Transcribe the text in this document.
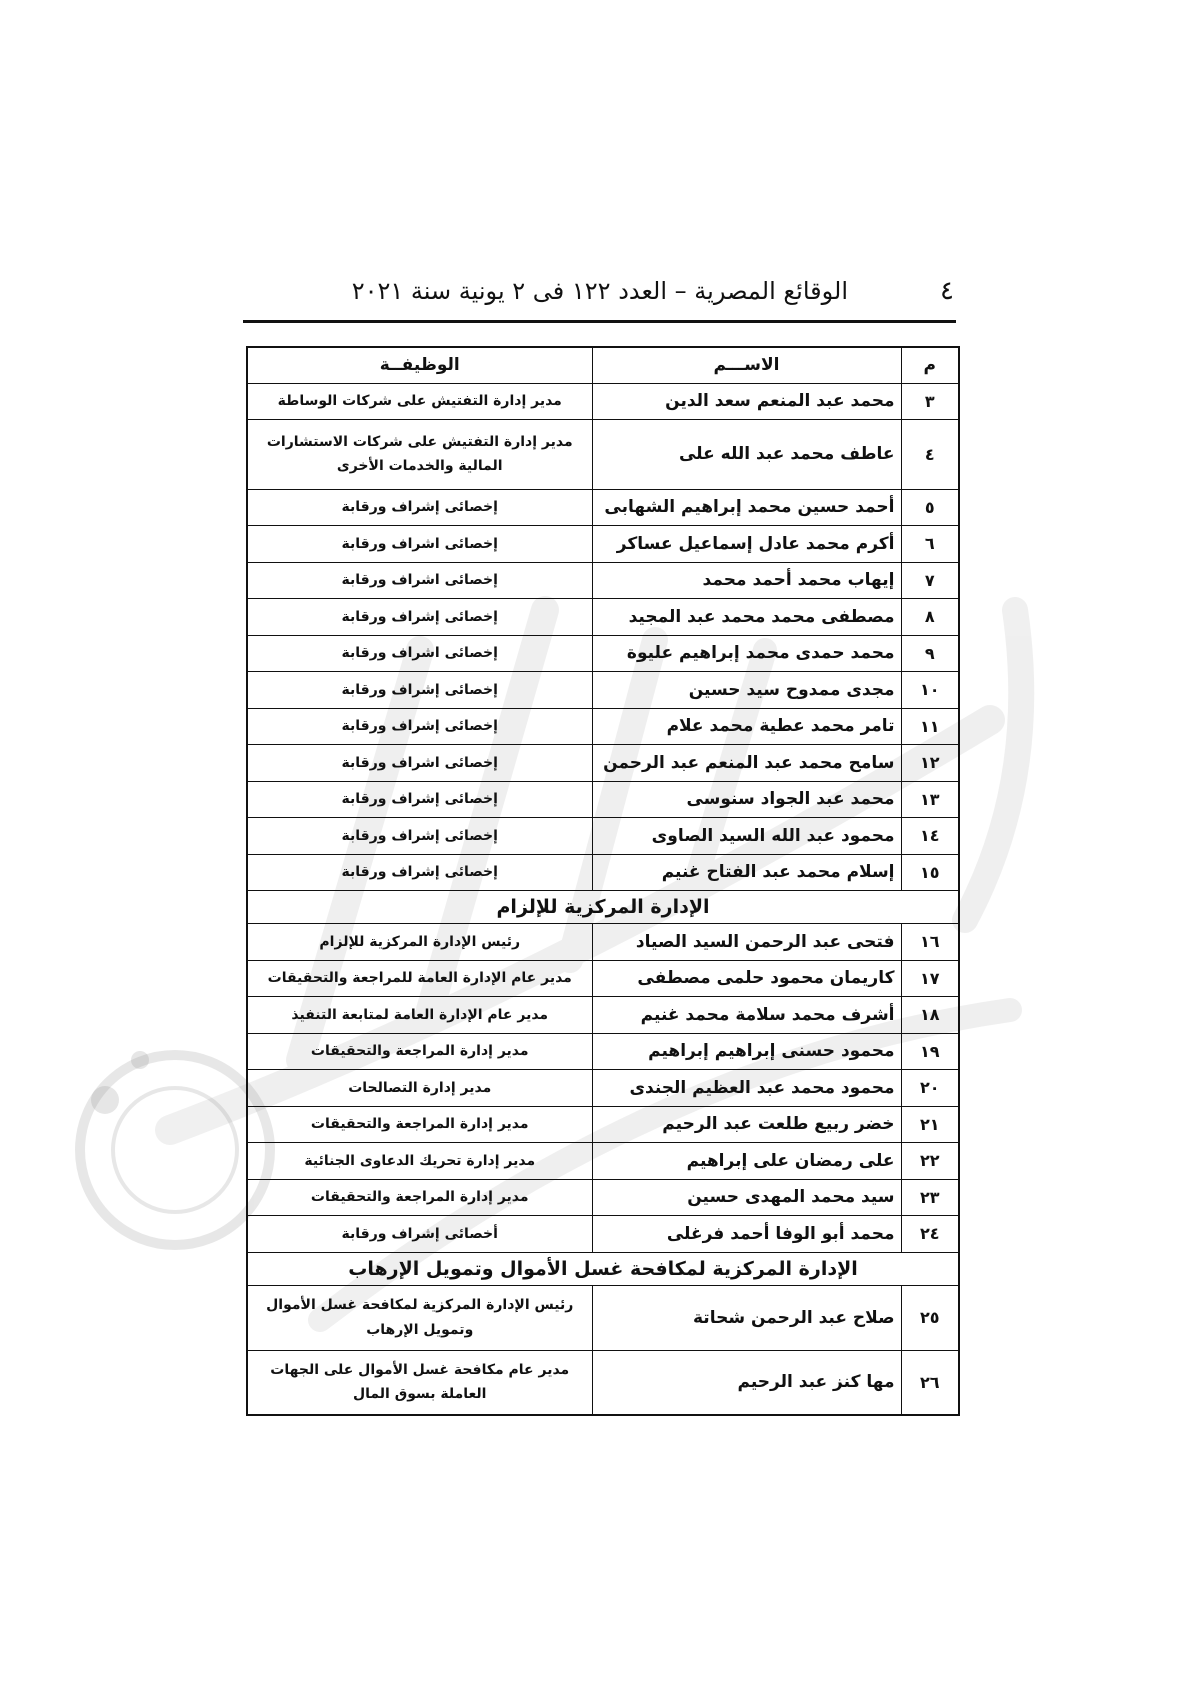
٤
الوقائع المصرية – العدد ١٢٢ فى ٢ يونية سنة ٢٠٢١
م	الاســـم	الوظيفــة
٣	محمد عبد المنعم سعد الدين	مدير إدارة التفتيش على شركات الوساطة

٤	عاطف محمد عبد الله على	مدير إدارة التفتيش على شركات الاستشارات
المالية والخدمات الأخرى

٥	أحمد حسين محمد إبراهيم الشهابى	إخصائى إشراف ورقابة

٦	أكرم محمد عادل إسماعيل عساكر	إخصائى اشراف ورقابة

٧	إيهاب محمد أحمد محمد	إخصائى اشراف ورقابة

٨	مصطفى محمد محمد عبد المجيد	إخصائى إشراف ورقابة

٩	محمد حمدى محمد إبراهيم عليوة	إخصائى اشراف ورقابة

١٠	مجدى ممدوح سيد حسين	إخصائى إشراف ورقابة

١١	تامر محمد عطية محمد علام	إخصائى إشراف ورقابة

١٢	سامح محمد عبد المنعم عبد الرحمن	إخصائى اشراف ورقابة

١٣	محمد عبد الجواد سنوسى	إخصائى إشراف ورقابة

١٤	محمود عبد الله السيد الصاوى	إخصائى إشراف ورقابة

١٥	إسلام محمد عبد الفتاح غنيم	إخصائى إشراف ورقابة

الإدارة المركزية للإلزام		
١٦	فتحى عبد الرحمن السيد الصياد	رئيس الإدارة المركزية للإلزام

١٧	كاريمان محمود حلمى مصطفى	مدير عام الإدارة العامة للمراجعة والتحقيقات

١٨	أشرف محمد سلامة محمد غنيم	مدير عام الإدارة العامة لمتابعة التنفيذ

١٩	محمود حسنى إبراهيم إبراهيم	مدير إدارة المراجعة والتحقيقات

٢٠	محمود محمد عبد العظيم الجندى	مدير إدارة التصالحات

٢١	خضر ربيع طلعت عبد الرحيم	مدير إدارة المراجعة والتحقيقات

٢٢	على رمضان على إبراهيم	مدير إدارة تحريك الدعاوى الجنائية

٢٣	سيد محمد المهدى حسين	مدير إدارة المراجعة والتحقيقات

٢٤	محمد أبو الوفا أحمد فرغلى	أخصائى إشراف ورقابة

الإدارة المركزية لمكافحة غسل الأموال وتمويل الإرهاب		
٢٥	صلاح عبد الرحمن شحاتة	رئيس الإدارة المركزية لمكافحة غسل الأموال
وتمويل الإرهاب

٢٦	مها كنز عبد الرحيم	مدير عام مكافحة غسل الأموال على الجهات
العاملة بسوق المال
